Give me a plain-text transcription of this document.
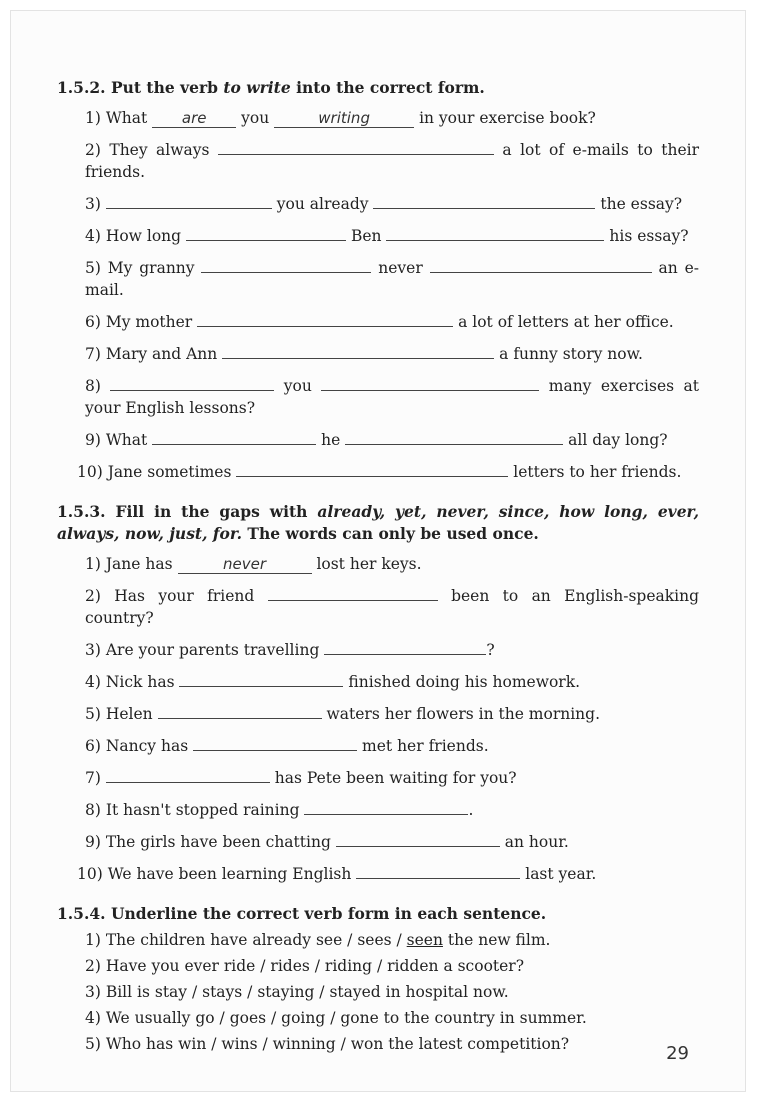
1.5.2. Put the verb to write into the correct form.

1) What are you	writing	in your exercise book?
2) They always	a lot of e-mails to their friends.
3)	you already	the essay?
4) How long	Ben	his essay?
5) My granny	never	an e-mail.
6) My mother	a lot of letters at her office.
7) Mary and Ann	a funny story now.
8)	you	many exercises at your English lessons?
9) What	he	all day long?
10) Jane sometimes	letters to her friends.

1.5.3. Fill in the gaps with already, yet, never, since, how long, ever, always, now, just, for. The words can only be used once.

1) Jane has	never	lost her keys.
2) Has your friend	been to an English-speaking country?
3) Are your parents travelling	?
4) Nick has	finished doing his homework.
5) Helen	waters her flowers in the morning.
6) Nancy has	met her friends.
7)	has Pete been waiting for you?
8) It hasn't stopped raining	.
9) The girls have been chatting	an hour.
10) We have been learning English	last year.

1.5.4. Underline the correct verb form in each sentence.

1) The children have already see / sees / seen the new film.
2) Have you ever ride / rides / riding / ridden a scooter?
3) Bill is stay / stays / staying / stayed in hospital now.
4) We usually go / goes / going / gone to the country in summer.
5) Who has win / wins / winning / won the latest competition?	29
